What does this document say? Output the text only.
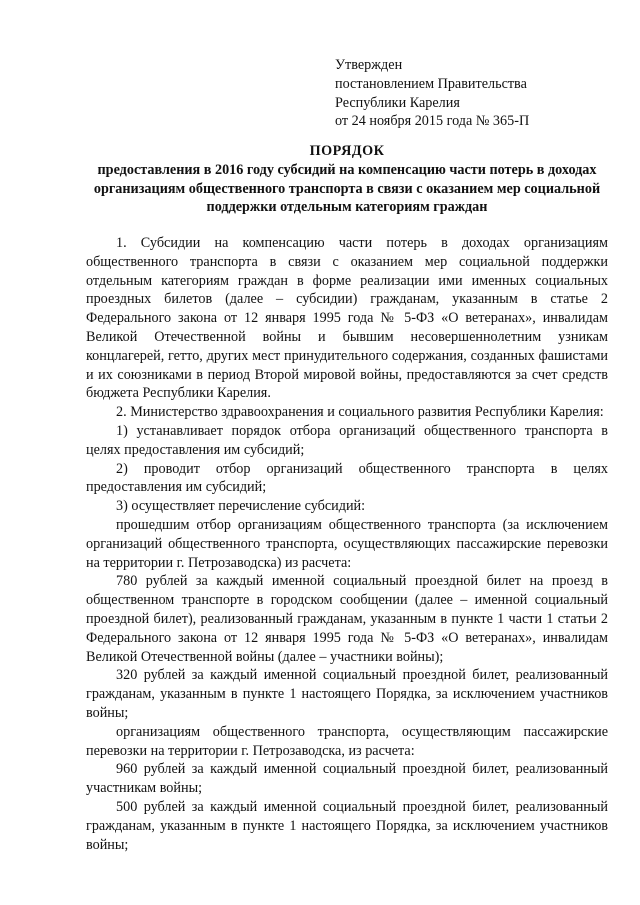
Утвержден
постановлением Правительства
Республики Карелия
от 24 ноября 2015 года № 365-П
ПОРЯДОК
предоставления в 2016 году субсидий на компенсацию части потерь в доходах организациям общественного транспорта в связи с оказанием мер социальной поддержки отдельным категориям граждан

1. Субсидии на компенсацию части потерь в доходах организациям общественного транспорта в связи с оказанием мер социальной поддержки отдельным категориям граждан в форме реализации ими именных социальных проездных билетов (далее – субсидии) гражданам, указанным в статье 2 Федерального закона от 12 января 1995 года № 5-ФЗ «О ветеранах», инвалидам Великой Отечественной войны и бывшим несовершеннолетним узникам концлагерей, гетто, других мест принудительного содержания, созданных фашистами и их союзниками в период Второй мировой войны, предоставляются за счет средств бюджета Республики Карелия.

2. Министерство здравоохранения и социального развития Республики Карелия:

1) устанавливает порядок отбора организаций общественного транспорта в целях предоставления им субсидий;

2) проводит отбор организаций общественного транспорта в целях предоставления им субсидий;

3) осуществляет перечисление субсидий:

прошедшим отбор организациям общественного транспорта (за исключением организаций общественного транспорта, осуществляющих пассажирские перевозки на территории г. Петрозаводска) из расчета:

780 рублей за каждый именной социальный проездной билет на проезд в общественном транспорте в городском сообщении (далее – именной социальный проездной билет), реализованный гражданам, указанным в пункте 1 части 1 статьи 2 Федерального закона от 12 января 1995 года № 5-ФЗ «О ветеранах», инвалидам Великой Отечественной войны (далее – участники войны);

320 рублей за каждый именной социальный проездной билет, реализованный гражданам, указанным в пункте 1 настоящего Порядка, за исключением участников войны;

организациям общественного транспорта, осуществляющим пассажирские перевозки на территории г. Петрозаводска, из расчета:

960 рублей за каждый именной социальный проездной билет, реализованный участникам войны;

500 рублей за каждый именной социальный проездной билет, реализованный гражданам, указанным в пункте 1 настоящего Порядка, за исключением участников войны;
